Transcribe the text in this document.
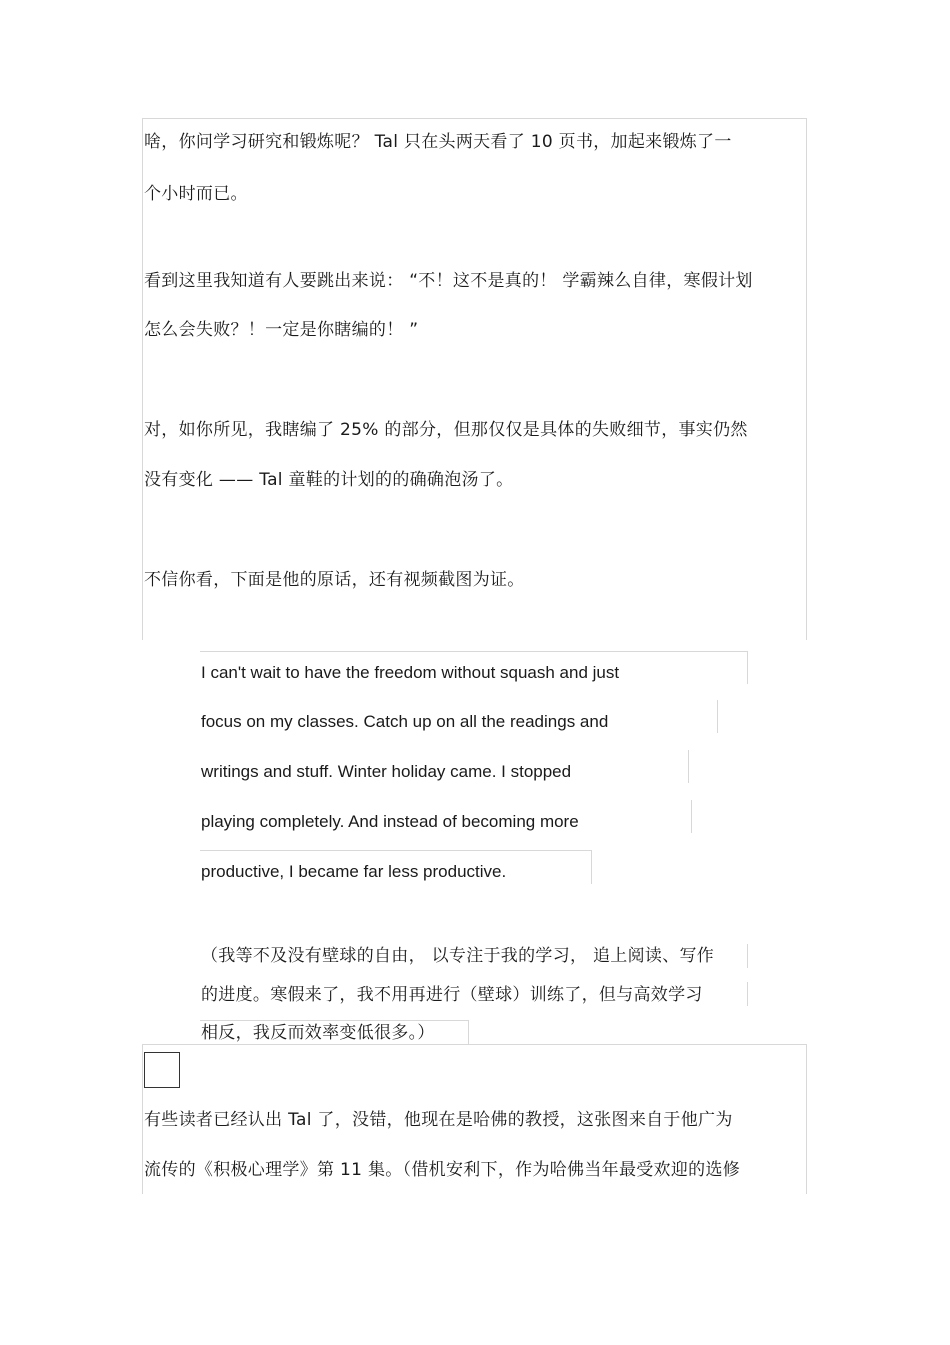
啥，你问学习研究和锻炼呢？ Tal 只在头两天看了 10 页书，加起来锻炼了一
个小时而已。
看到这里我知道有人要跳出来说： “不！这不是真的！ 学霸辣么自律，寒假计划
怎么会失败？！一定是你瞎编的！ ”
对，如你所见，我瞎编了 25% 的部分，但那仅仅是具体的失败细节，事实仍然
没有变化 —— Tal 童鞋的计划的的确确泡汤了。
不信你看，下面是他的原话，还有视频截图为证。
I can't wait to have the freedom without squash and just
focus on my classes. Catch up on all the readings and
writings and stuff. Winter holiday came. I stopped
playing completely. And instead of becoming more
productive, I became far less productive.
（我等不及没有壁球的自由， 以专注于我的学习， 追上阅读、写作
的进度。寒假来了，我不用再进行（壁球）训练了，但与高效学习
相反，我反而效率变低很多。）
有些读者已经认出 Tal 了，没错，他现在是哈佛的教授，这张图来自于他广为
流传的《积极心理学》第 11 集。（借机安利下，作为哈佛当年最受欢迎的选修
